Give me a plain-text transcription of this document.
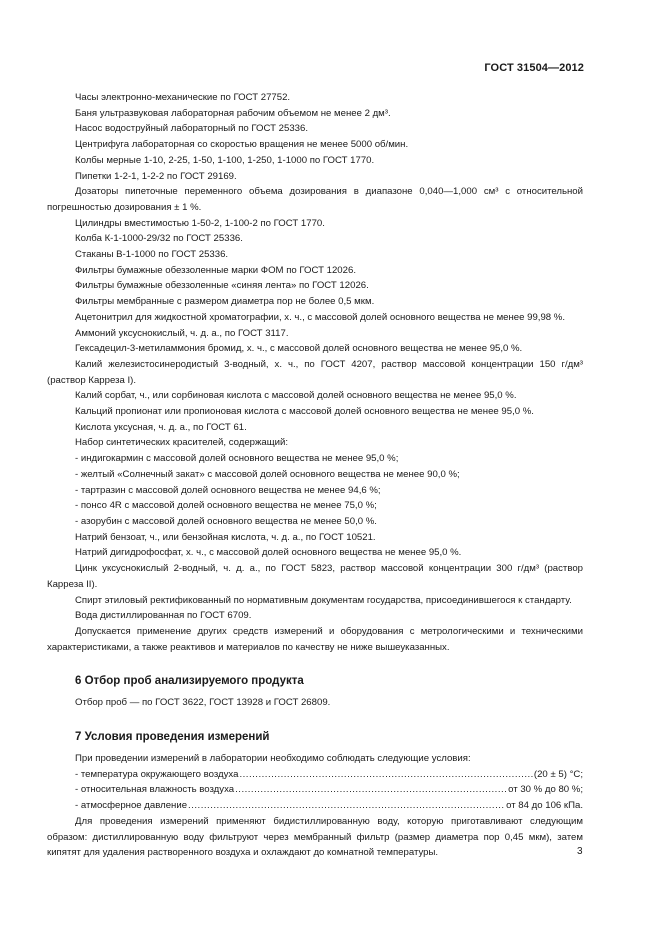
ГОСТ 31504—2012

Часы электронно-механические по ГОСТ 27752.

Баня ультразвуковая лабораторная рабочим объемом не менее 2 дм³.

Насос водоструйный лабораторный по ГОСТ 25336.

Центрифуга лабораторная со скоростью вращения не менее 5000 об/мин.

Колбы мерные 1-10, 2-25, 1-50, 1-100, 1-250, 1-1000 по ГОСТ 1770.

Пипетки 1-2-1, 1-2-2 по ГОСТ 29169.

Дозаторы пипеточные переменного объема дозирования в диапазоне 0,040—1,000 см³ с относительной погрешностью дозирования ± 1 %.

Цилиндры вместимостью 1-50-2, 1-100-2 по ГОСТ 1770.

Колба К-1-1000-29/32 по ГОСТ 25336.

Стаканы В-1-1000 по ГОСТ 25336.

Фильтры бумажные обеззоленные марки ФОМ по ГОСТ 12026.

Фильтры бумажные обеззоленные «синяя лента» по ГОСТ 12026.

Фильтры мембранные с размером диаметра пор не более 0,5 мкм.

Ацетонитрил для жидкостной хроматографии, х. ч., с массовой долей основного вещества не менее 99,98 %.

Аммоний уксуснокислый, ч. д. а., по ГОСТ 3117.

Гексадецил-3-метиламмония бромид, х. ч., с массовой долей основного вещества не менее 95,0 %.

Калий железистосинеродистый 3-водный, х. ч., по ГОСТ 4207, раствор массовой концентрации 150 г/дм³ (раствор Карреза I).

Калий сорбат, ч., или сорбиновая кислота с массовой долей основного вещества не менее 95,0 %.

Кальций пропионат или пропионовая кислота с массовой долей основного вещества не менее 95,0 %.

Кислота уксусная, ч. д. а., по ГОСТ 61.

Набор синтетических красителей, содержащий:

- индигокармин с массовой долей основного вещества не менее 95,0 %;

- желтый «Солнечный закат» с массовой долей основного вещества не менее 90,0 %;

- тартразин с массовой долей основного вещества не менее 94,6 %;

- понсо 4R с массовой долей основного вещества не менее 75,0 %;

- азорубин с массовой долей основного вещества не менее 50,0 %.

Натрий бензоат, ч., или бензойная кислота, ч. д. а., по ГОСТ 10521.

Натрий дигидрофосфат, х. ч., с массовой долей основного вещества не менее 95,0 %.

Цинк уксуснокислый 2-водный, ч. д. а., по ГОСТ 5823, раствор массовой концентрации 300 г/дм³ (раствор Карреза II).

Спирт этиловый ректификованный по нормативным документам государства, присоединившегося к стандарту.

Вода дистиллированная по ГОСТ 6709.

Допускается применение других средств измерений и оборудования с метрологическими и техническими характеристиками, а также реактивов и материалов по качеству не ниже вышеуказанных.

6 Отбор проб анализируемого продукта

Отбор проб — по ГОСТ 3622, ГОСТ 13928 и ГОСТ 26809.

7 Условия проведения измерений

При проведении измерений в лаборатории необходимо соблюдать следующие условия:

- температура окружающего воздуха .....	(20 ± 5) °С;
- относительная влажность воздуха .....	от 30 % до 80 %;
- атмосферное давление .....	от 84 до 106 кПа.

Для проведения измерений применяют бидистиллированную воду, которую приготавливают следующим образом: дистиллированную воду фильтруют через мембранный фильтр (размер диаметра пор 0,45 мкм), затем кипятят для удаления растворенного воздуха и охлаждают до комнатной температуры.	3
